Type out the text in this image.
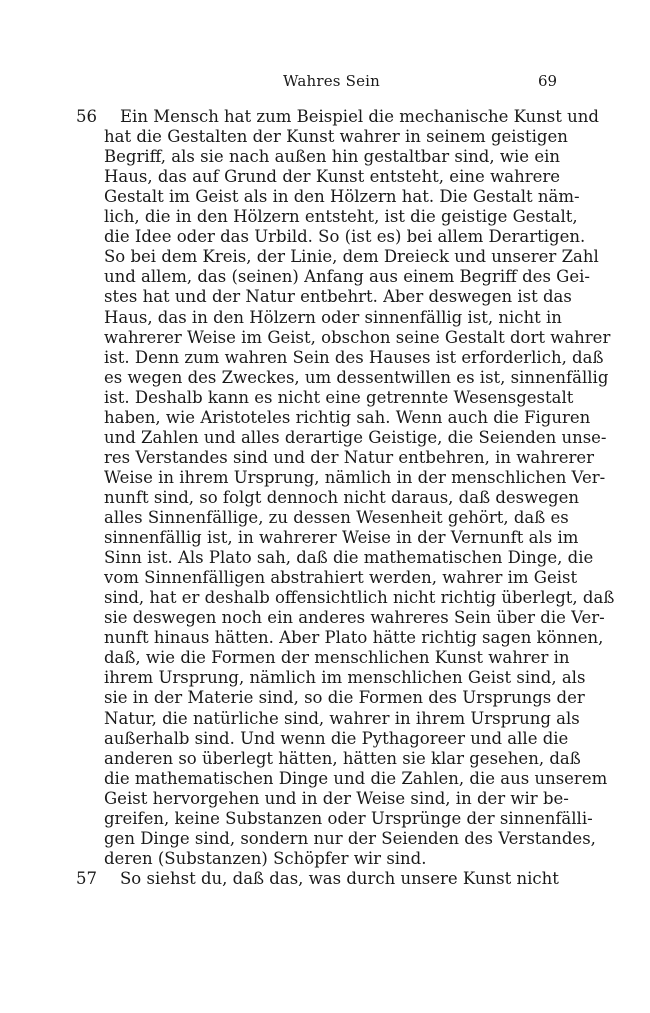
Wahres Sein	69
56 Ein Mensch hat zum Beispiel die mechanische Kunst und
hat die Gestalten der Kunst wahrer in seinem geistigen
Begriff, als sie nach außen hin gestaltbar sind, wie ein
Haus, das auf Grund der Kunst entsteht, eine wahrere
Gestalt im Geist als in den Hölzern hat. Die Gestalt näm-
lich, die in den Hölzern entsteht, ist die geistige Gestalt,
die Idee oder das Urbild. So (ist es) bei allem Derartigen.
So bei dem Kreis, der Linie, dem Dreieck und unserer Zahl
und allem, das (seinen) Anfang aus einem Begriff des Gei-
stes hat und der Natur entbehrt. Aber deswegen ist das
Haus, das in den Hölzern oder sinnenfällig ist, nicht in
wahrerer Weise im Geist, obschon seine Gestalt dort wahrer
ist. Denn zum wahren Sein des Hauses ist erforderlich, daß
es wegen des Zweckes, um dessentwillen es ist, sinnenfällig
ist. Deshalb kann es nicht eine getrennte Wesensgestalt
haben, wie Aristoteles richtig sah. Wenn auch die Figuren
und Zahlen und alles derartige Geistige, die Seienden unse-
res Verstandes sind und der Natur entbehren, in wahrerer
Weise in ihrem Ursprung, nämlich in der menschlichen Ver-
nunft sind, so folgt dennoch nicht daraus, daß deswegen
alles Sinnenfällige, zu dessen Wesenheit gehört, daß es
sinnenfällig ist, in wahrerer Weise in der Vernunft als im
Sinn ist. Als Plato sah, daß die mathematischen Dinge, die
vom Sinnenfälligen abstrahiert werden, wahrer im Geist
sind, hat er deshalb offensichtlich nicht richtig überlegt, daß
sie deswegen noch ein anderes wahreres Sein über die Ver-
nunft hinaus hätten. Aber Plato hätte richtig sagen können,
daß, wie die Formen der menschlichen Kunst wahrer in
ihrem Ursprung, nämlich im menschlichen Geist sind, als
sie in der Materie sind, so die Formen des Ursprungs der
Natur, die natürliche sind, wahrer in ihrem Ursprung als
außerhalb sind. Und wenn die Pythagoreer und alle die
anderen so überlegt hätten, hätten sie klar gesehen, daß
die mathematischen Dinge und die Zahlen, die aus unserem
Geist hervorgehen und in der Weise sind, in der wir be-
greifen, keine Substanzen oder Ursprünge der sinnenfälli-
gen Dinge sind, sondern nur der Seienden des Verstandes,
deren (Substanzen) Schöpfer wir sind.
57 So siehst du, daß das, was durch unsere Kunst nicht
